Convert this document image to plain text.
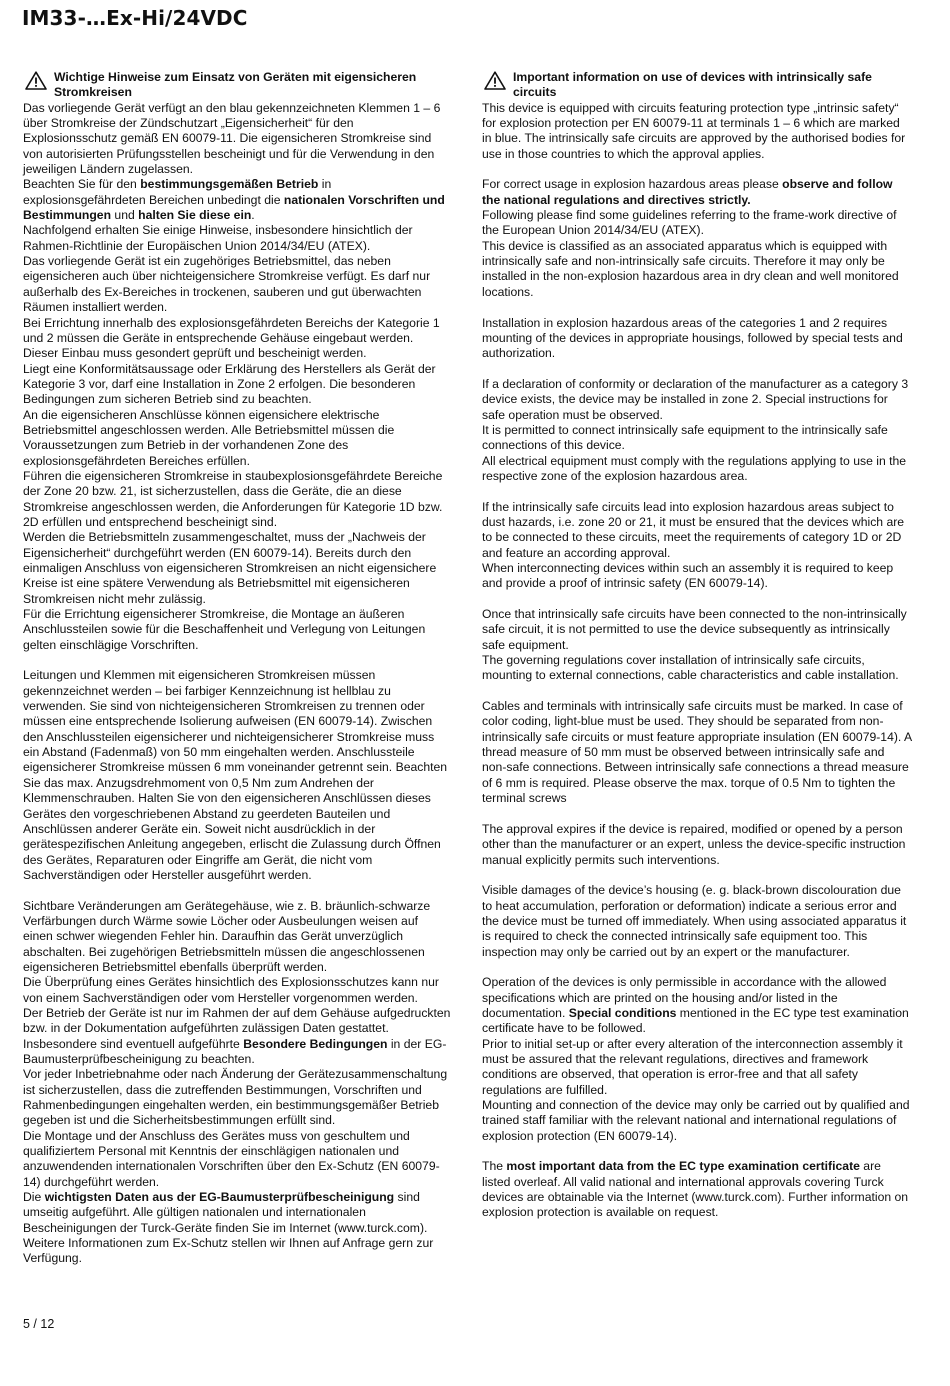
IM33-…Ex-Hi/24VDC
Wichtige Hinweise zum Einsatz von Geräten mit eigensicheren Stromkreisen

Das vorliegende Gerät verfügt an den blau gekennzeichneten Klemmen 1 – 6 über Stromkreise der Zündschutzart „Eigensicherheit“ für den Explosionsschutz gemäß EN 60079-11. Die eigensicheren Stromkreise sind von autorisierten Prüfungsstellen bescheinigt und für die Verwendung in den jeweiligen Ländern zugelassen.

Beachten Sie für den bestimmungsgemäßen Betrieb in explosionsgefährdeten Bereichen unbedingt die nationalen Vorschriften und Bestimmungen und halten Sie diese ein.

Nachfolgend erhalten Sie einige Hinweise, insbesondere hinsichtlich der Rahmen-Richtlinie der Europäischen Union 2014/34/EU (ATEX).

Das vorliegende Gerät ist ein zugehöriges Betriebsmittel, das neben eigensicheren auch über nichteigensichere Stromkreise verfügt. Es darf nur außerhalb des Ex-Bereiches in trockenen, sauberen und gut überwachten Räumen installiert werden.

Bei Errichtung innerhalb des explosionsgefährdeten Bereichs der Kategorie 1 und 2 müssen die Geräte in entsprechende Gehäuse eingebaut werden. Dieser Einbau muss gesondert geprüft und bescheinigt werden.

Liegt eine Konformitätsaussage oder Erklärung des Herstellers als Gerät der Kategorie 3 vor, darf eine Installation in Zone 2 erfolgen. Die besonderen Bedingungen zum sicheren Betrieb sind zu beachten.

An die eigensicheren Anschlüsse können eigensichere elektrische Betriebsmittel angeschlossen werden. Alle Betriebsmittel müssen die Voraussetzungen zum Betrieb in der vorhandenen Zone des explosionsgefährdeten Bereiches erfüllen.

Führen die eigensicheren Stromkreise in staubexplosionsgefährdete Bereiche der Zone 20 bzw. 21, ist sicherzustellen, dass die Geräte, die an diese Stromkreise angeschlossen werden, die Anforderungen für Kategorie 1D bzw. 2D erfüllen und entsprechend bescheinigt sind.

Werden die Betriebsmitteln zusammengeschaltet, muss der „Nachweis der Eigensicherheit“ durchgeführt werden (EN 60079-14). Bereits durch den einmaligen Anschluss von eigensicheren Stromkreisen an nicht eigensichere Kreise ist eine spätere Verwendung als Betriebsmittel mit eigensicheren Stromkreisen nicht mehr zulässig.

Für die Errichtung eigensicherer Stromkreise, die Montage an äußeren Anschlussteilen sowie für die Beschaffenheit und Verlegung von Leitungen gelten einschlägige Vorschriften.

Leitungen und Klemmen mit eigensicheren Stromkreisen müssen gekennzeichnet werden – bei farbiger Kennzeichnung ist hellblau zu verwenden. Sie sind von nichteigensicheren Stromkreisen zu trennen oder müssen eine entsprechende Isolierung aufweisen (EN 60079-14). Zwischen den Anschlussteilen eigensicherer und nichteigensicherer Stromkreise muss ein Abstand (Fadenmaß) von 50 mm eingehalten werden. Anschlussteile eigensicherer Stromkreise müssen 6 mm voneinander getrennt sein. Beachten Sie das max. Anzugsdrehmoment von 0,5 Nm zum Andrehen der Klemmenschrauben. Halten Sie von den eigensicheren Anschlüssen dieses Gerätes den vorgeschriebenen Abstand zu geerdeten Bauteilen und Anschlüssen anderer Geräte ein. Soweit nicht ausdrücklich in der gerätespezifischen Anleitung angegeben, erlischt die Zulassung durch Öffnen des Gerätes, Reparaturen oder Eingriffe am Gerät, die nicht vom Sachverständigen oder Hersteller ausgeführt werden.

Sichtbare Veränderungen am Gerätegehäuse, wie z. B. bräunlich-schwarze Verfärbungen durch Wärme sowie Löcher oder Ausbeulungen weisen auf einen schwer wiegenden Fehler hin. Daraufhin das Gerät unverzüglich abschalten. Bei zugehörigen Betriebsmitteln müssen die angeschlossenen eigensicheren Betriebsmittel ebenfalls überprüft werden.

Die Überprüfung eines Gerätes hinsichtlich des Explosionsschutzes kann nur von einem Sachverständigen oder vom Hersteller vorgenommen werden.

Der Betrieb der Geräte ist nur im Rahmen der auf dem Gehäuse aufgedruckten bzw. in der Dokumentation aufgeführten zulässigen Daten gestattet. Insbesondere sind eventuell aufgeführte Besondere Bedingungen in der EG-Baumusterprüfbescheinigung zu beachten.

Vor jeder Inbetriebnahme oder nach Änderung der Gerätezusammenschaltung ist sicherzustellen, dass die zutreffenden Bestimmungen, Vorschriften und Rahmenbedingungen eingehalten werden, ein bestimmungsgemäßer Betrieb gegeben ist und die Sicherheitsbestimmungen erfüllt sind.

Die Montage und der Anschluss des Gerätes muss von geschultem und qualifiziertem Personal mit Kenntnis der einschlägigen nationalen und anzuwendenden internationalen Vorschriften über den Ex-Schutz (EN 60079-14) durchgeführt werden.

Die wichtigsten Daten aus der EG-Baumusterprüfbescheinigung sind umseitig aufgeführt. Alle gültigen nationalen und internationalen Bescheinigungen der Turck-Geräte finden Sie im Internet (www.turck.com).

Weitere Informationen zum Ex-Schutz stellen wir Ihnen auf Anfrage gern zur Verfügung.

Important information on use of devices with intrinsically safe circuits

This device is equipped with circuits featuring protection type „intrinsic safety“ for explosion protection per EN 60079-11 at terminals 1 – 6 which are marked in blue. The intrinsically safe circuits are approved by the authorised bodies for use in those countries to which the approval applies.

For correct usage in explosion hazardous areas please observe and follow the national regulations and directives strictly.

Following please find some guidelines referring to the frame-work directive of the European Union 2014/34/EU (ATEX).

This device is classified as an associated apparatus which is equipped with intrinsically safe and non-intrinsically safe circuits. Therefore it may only be installed in the non-explosion hazardous area in dry clean and well monitored locations.

Installation in explosion hazardous areas of the categories 1 and 2 requires mounting of the devices in appropriate housings, followed by special tests and authorization.

If a declaration of conformity or declaration of the manufacturer as a category 3 device exists, the device may be installed in zone 2. Special instructions for safe operation must be observed.

It is permitted to connect intrinsically safe equipment to the intrinsically safe connections of this device.

All electrical equipment must comply with the regulations applying to use in the respective zone of the explosion hazardous area.

If the intrinsically safe circuits lead into explosion hazardous areas subject to dust hazards, i.e. zone 20 or 21, it must be ensured that the devices which are to be connected to these circuits, meet the requirements of category 1D or 2D and feature an according approval.

When interconnecting devices within such an assembly it is required to keep and provide a proof of intrinsic safety (EN 60079-14).

Once that intrinsically safe circuits have been connected to the non-intrinsically safe circuit, it is not permitted to use the device subsequently as intrinsically safe equipment.

The governing regulations cover installation of intrinsically safe circuits, mounting to external connections, cable characteristics and cable installation.

Cables and terminals with intrinsically safe circuits must be marked. In case of color coding, light-blue must be used. They should be separated from non-intrinsically safe circuits or must feature appropriate insulation (EN 60079-14). A thread measure of 50 mm must be observed between intrinsically safe and non-safe connections. Between intrinsically safe connections a thread measure of 6 mm is required. Please observe the max. torque of 0.5 Nm to tighten the terminal screws

The approval expires if the device is repaired, modified or opened by a person other than the manufacturer or an expert, unless the device-specific instruction manual explicitly permits such interventions.

Visible damages of the device’s housing (e. g. black-brown discolouration due to heat accumulation, perforation or deformation) indicate a serious error and the device must be turned off immediately. When using associated apparatus it is required to check the connected intrinsically safe equipment too. This inspection may only be carried out by an expert or the manufacturer.

Operation of the devices is only permissible in accordance with the allowed specifications which are printed on the housing and/or listed in the documentation. Special conditions mentioned in the EC type test examination certificate have to be followed.

Prior to initial set-up or after every alteration of the interconnection assembly it must be assured that the relevant regulations, directives and framework conditions are observed, that operation is error-free and that all safety regulations are fulfilled.

Mounting and connection of the device may only be carried out by qualified and trained staff familiar with the relevant national and international regulations of explosion protection (EN 60079-14).

The most important data from the EC type examination certificate are listed overleaf. All valid national and international approvals covering Turck devices are obtainable via the Internet (www.turck.com). Further information on explosion protection is available on request.

5 / 12
